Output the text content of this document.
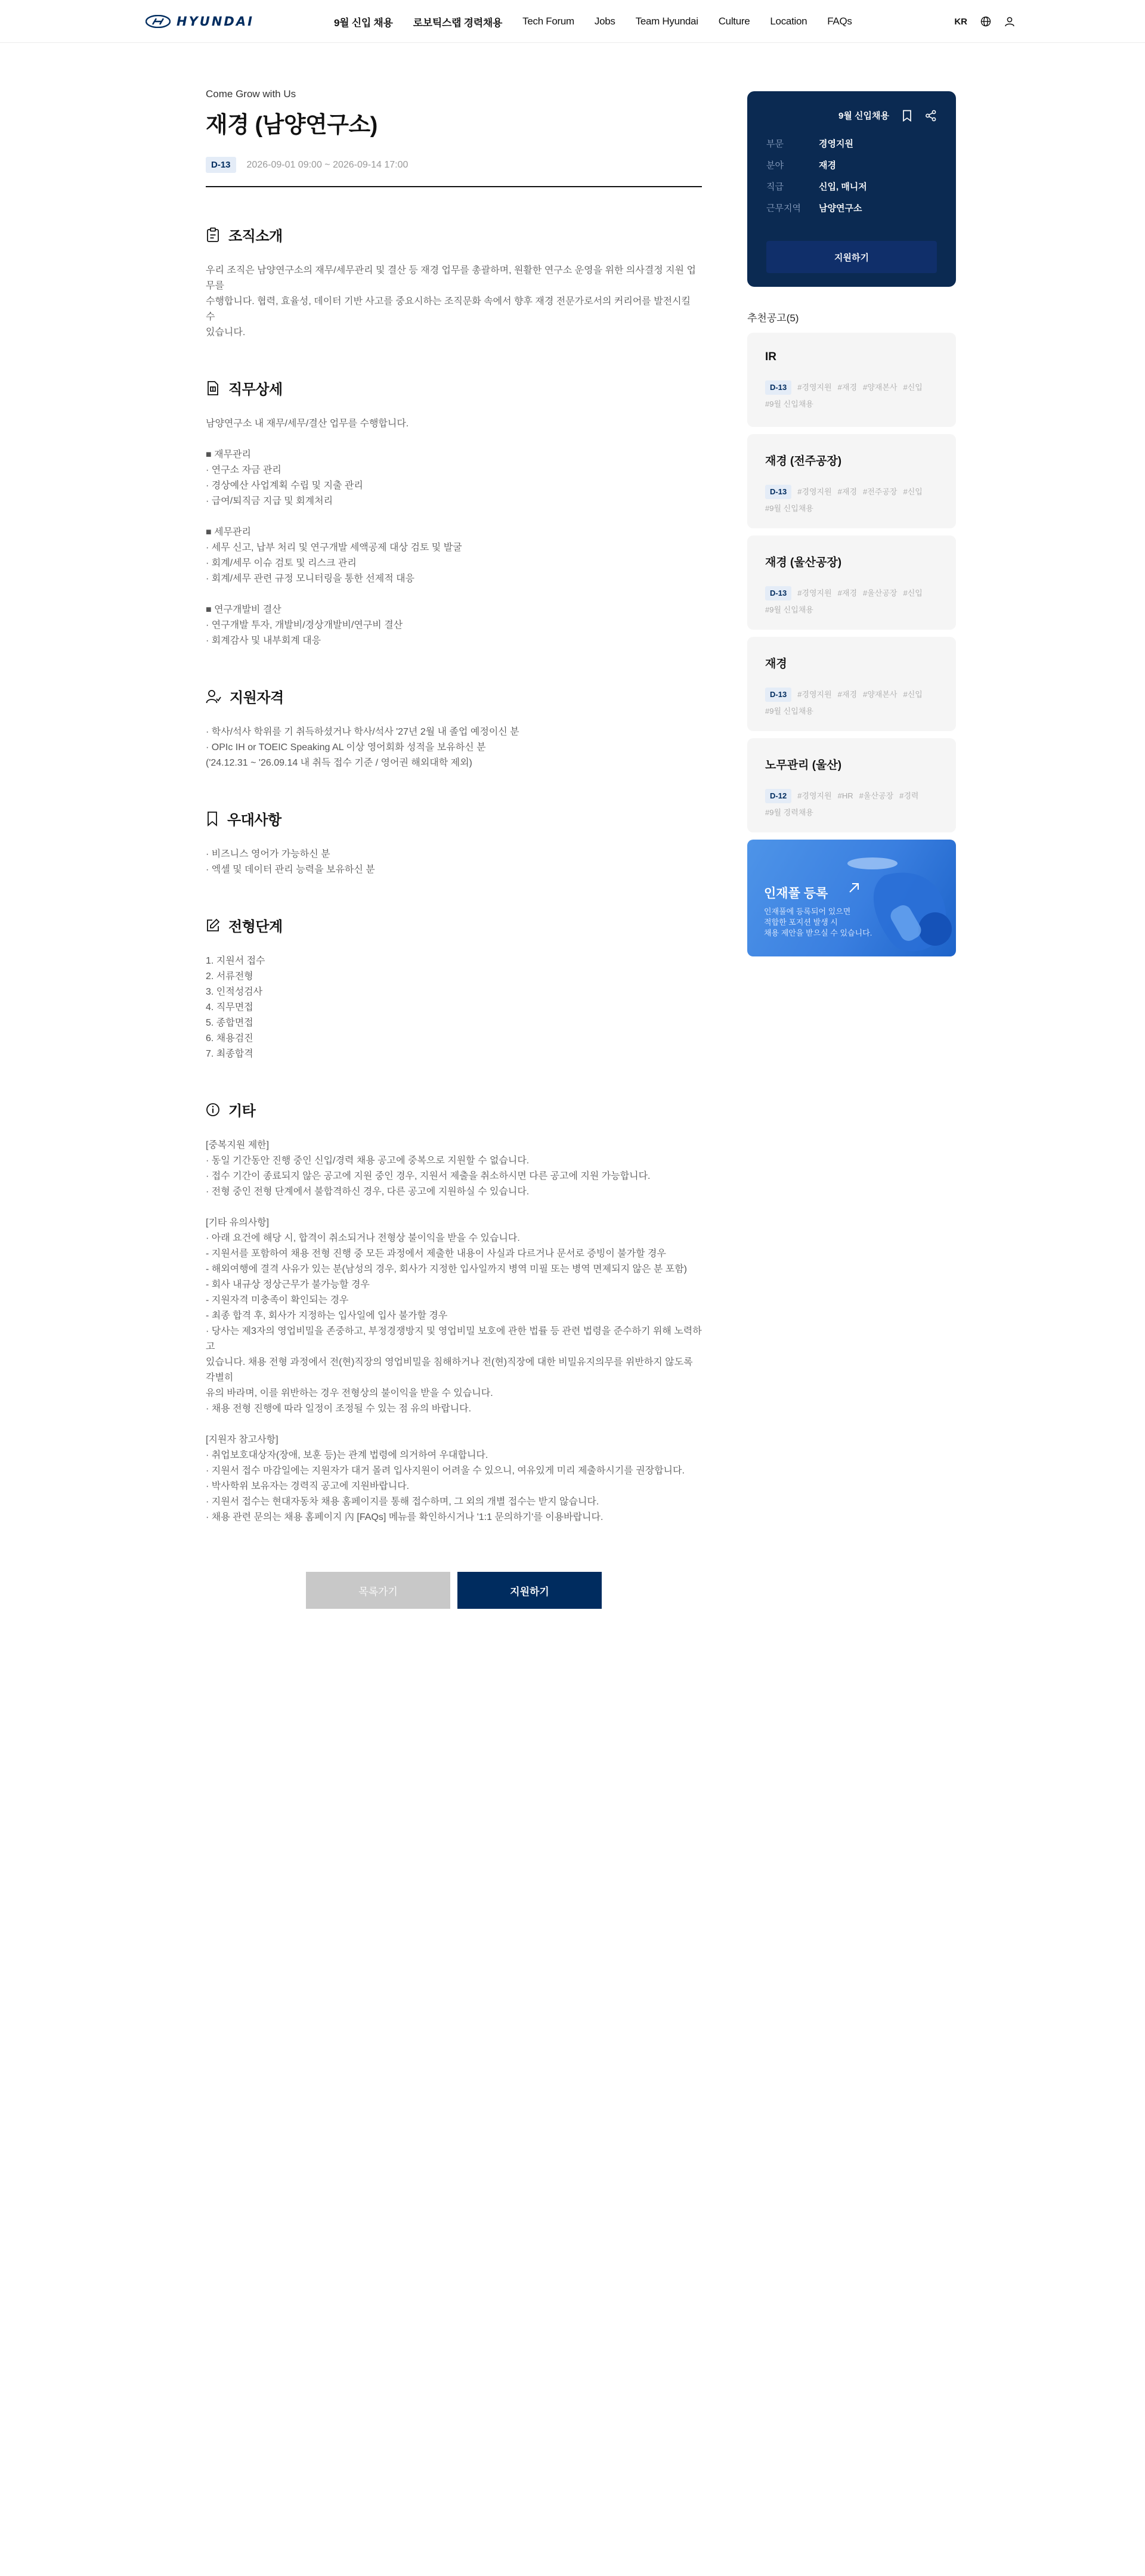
HYUNDAI	9월 신입 채용 로보틱스랩 경력채용 Tech Forum Jobs Team Hyundai Culture Location FAQs	KR
Come Grow with Us
재경 (남양연구소)
D-13	2026-09-01 09:00 ~ 2026-09-14 17:00
조직소개
우리 조직은 남양연구소의 재무/세무관리 및 결산 등 재경 업무를 총괄하며, 원활한 연구소 운영을 위한 의사결정 지원 업무를
수행합니다. 협력, 효율성, 데이터 기반 사고를 중요시하는 조직문화 속에서 향후 재경 전문가로서의 커리어를 발전시킬 수
있습니다.
직무상세
남양연구소 내 재무/세무/결산 업무를 수행합니다.

■ 재무관리
· 연구소 자금 관리
· 경상예산 사업계획 수립 및 지출 관리
· 급여/퇴직금 지급 및 회계처리

■ 세무관리
· 세무 신고, 납부 처리 및 연구개발 세액공제 대상 검토 및 발굴
· 회계/세무 이슈 검토 및 리스크 관리
· 회계/세무 관련 규정 모니터링을 통한 선제적 대응

■ 연구개발비 결산
· 연구개발 투자, 개발비/경상개발비/연구비 결산
· 회계감사 및 내부회계 대응
지원자격
· 학사/석사 학위를 기 취득하셨거나 학사/석사 '27년 2월 내 졸업 예정이신 분
· OPIc IH or TOEIC Speaking AL 이상 영어회화 성적을 보유하신 분
('24.12.31 ~ '26.09.14 내 취득 접수 기준 / 영어권 해외대학 제외)
우대사항
· 비즈니스 영어가 가능하신 분
· 엑셀 및 데이터 관리 능력을 보유하신 분
전형단계
1. 지원서 접수
2. 서류전형
3. 인적성검사
4. 직무면접
5. 종합면접
6. 채용검진
7. 최종합격
기타
[중복지원 제한]
· 동일 기간동안 진행 중인 신입/경력 채용 공고에 중복으로 지원할 수 없습니다.
· 접수 기간이 종료되지 않은 공고에 지원 중인 경우, 지원서 제출을 취소하시면 다른 공고에 지원 가능합니다.
· 전형 중인 전형 단계에서 불합격하신 경우, 다른 공고에 지원하실 수 있습니다.

[기타 유의사항]
· 아래 요건에 해당 시, 합격이 취소되거나 전형상 불이익을 받을 수 있습니다.
- 지원서를 포함하여 채용 전형 진행 중 모든 과정에서 제출한 내용이 사실과 다르거나 문서로 증빙이 불가할 경우
- 해외여행에 결격 사유가 있는 분(남성의 경우, 회사가 지정한 입사일까지 병역 미필 또는 병역 면제되지 않은 분 포함)
- 회사 내규상 정상근무가 불가능할 경우
- 지원자격 미충족이 확인되는 경우
- 최종 합격 후, 회사가 지정하는 입사일에 입사 불가할 경우
· 당사는 제3자의 영업비밀을 존중하고, 부정경쟁방지 및 영업비밀 보호에 관한 법률 등 관련 법령을 준수하기 위해 노력하고
있습니다. 채용 전형 과정에서 전(현)직장의 영업비밀을 침해하거나 전(현)직장에 대한 비밀유지의무를 위반하지 않도록 각별히
유의 바라며, 이를 위반하는 경우 전형상의 불이익을 받을 수 있습니다.
· 채용 전형 진행에 따라 일정이 조정될 수 있는 점 유의 바랍니다.

[지원자 참고사항]
· 취업보호대상자(장애, 보훈 등)는 관계 법령에 의거하여 우대합니다.
· 지원서 접수 마감일에는 지원자가 대거 몰려 입사지원이 어려울 수 있으니, 여유있게 미리 제출하시기를 권장합니다.
· 박사학위 보유자는 경력직 공고에 지원바랍니다.
· 지원서 접수는 현대자동차 채용 홈페이지를 통해 접수하며, 그 외의 개별 접수는 받지 않습니다.
· 채용 관련 문의는 채용 홈페이지 內 [FAQs] 메뉴를 확인하시거나 '1:1 문의하기'를 이용바랍니다.
목록가기	지원하기
9월 신입채용
부문	경영지원
분야	재경
직급	신입, 매니저
근무지역	남양연구소
지원하기
추천공고(5)
IR
D-13	#경영지원 #재경 #양재본사 #신입
#9월 신입채용
재경 (전주공장)
D-13	#경영지원 #재경 #전주공장 #신입
#9월 신입채용
재경 (울산공장)
D-13	#경영지원 #재경 #울산공장 #신입
#9월 신입채용
재경
D-13	#경영지원 #재경 #양재본사 #신입
#9월 신입채용
노무관리 (울산)
D-12	#경영지원 #HR #울산공장 #경력
#9월 경력채용
인재풀 등록

인재풀에 등록되어 있으면
적합한 포지션 발생 시
채용 제안을 받으실 수 있습니다.
